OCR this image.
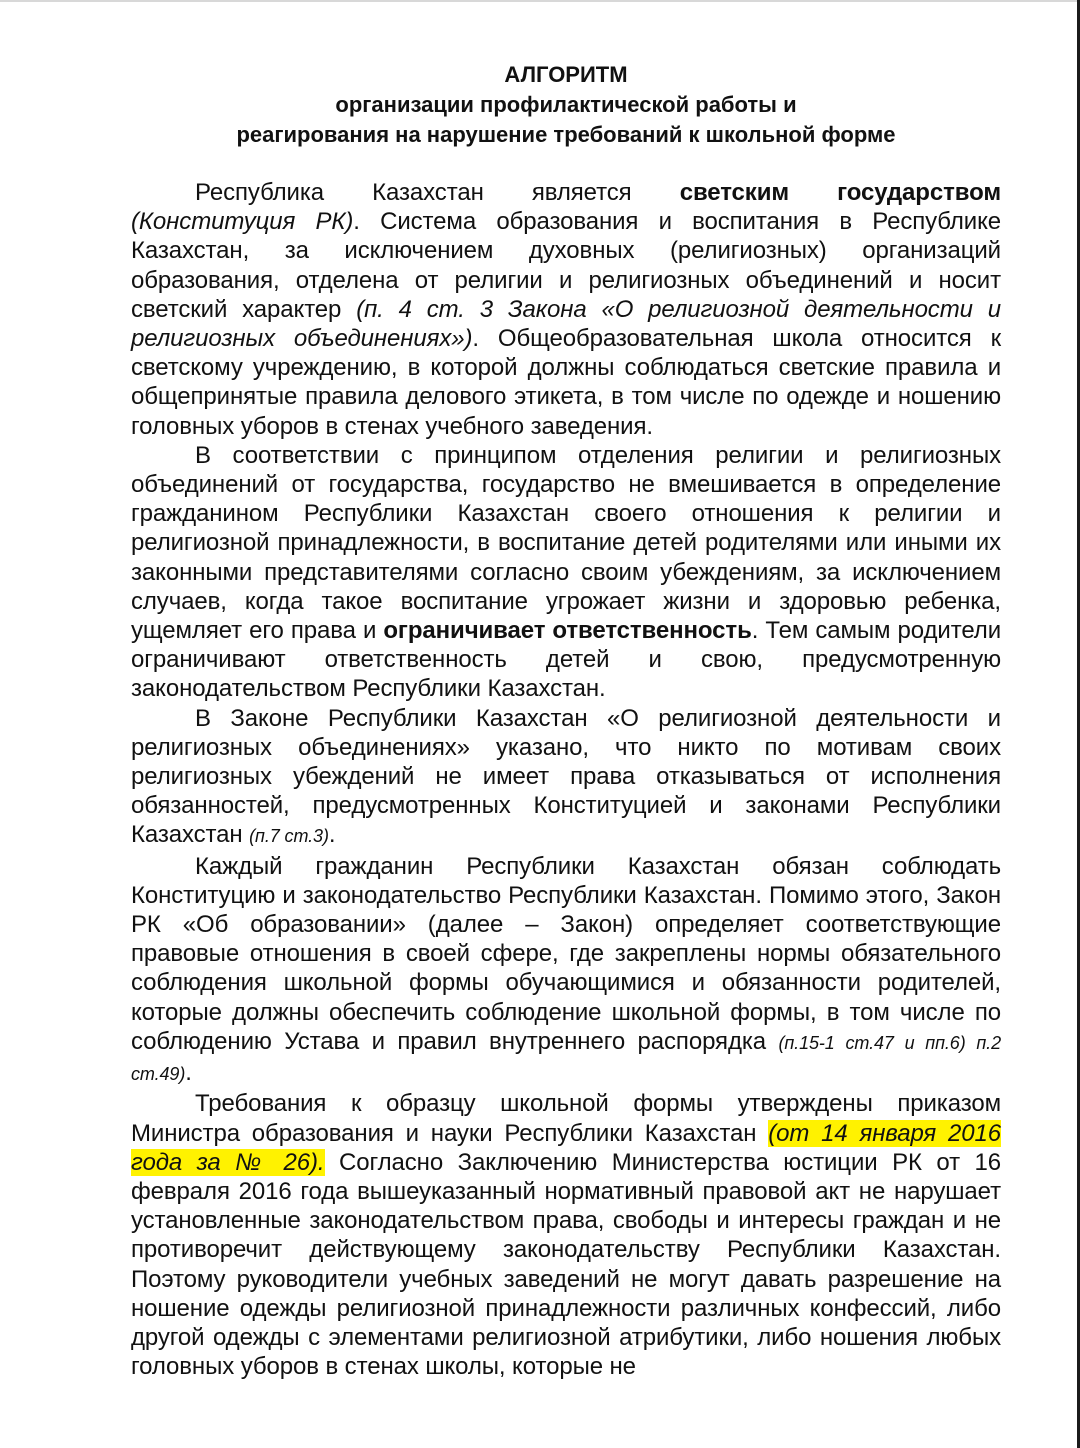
АЛГОРИТМ
организации профилактической работы и
реагирования на нарушение требований к школьной форме

Республика Казахстан является светским государством (Конституция РК). Система образования и воспитания в Республике Казахстан, за исключением духовных (религиозных) организаций образования, отделена от религии и религиозных объединений и носит светский характер (п. 4 ст. 3 Закона «О религиозной деятельности и религиозных объединениях»). Общеобразовательная школа относится к светскому учреждению, в которой должны соблюдаться светские правила и общепринятые правила делового этикета, в том числе по одежде и ношению головных уборов в стенах учебного заведения.

В соответствии с принципом отделения религии и религиозных объединений от государства, государство не вмешивается в определение гражданином Республики Казахстан своего отношения к религии и религиозной принадлежности, в воспитание детей родителями или иными их законными представителями согласно своим убеждениям, за исключением случаев, когда такое воспитание угрожает жизни и здоровью ребенка, ущемляет его права и ограничивает ответственность. Тем самым родители ограничивают ответственность детей и свою, предусмотренную законодательством Республики Казахстан.

В Законе Республики Казахстан «О религиозной деятельности и религиозных объединениях» указано, что никто по мотивам своих религиозных убеждений не имеет права отказываться от исполнения обязанностей, предусмотренных Конституцией и законами Республики Казахстан (п.7 ст.3).

Каждый гражданин Республики Казахстан обязан соблюдать Конституцию и законодательство Республики Казахстан. Помимо этого, Закон РК «Об образовании» (далее – Закон) определяет соответствующие правовые отношения в своей сфере, где закреплены нормы обязательного соблюдения школьной формы обучающимися и обязанности родителей, которые должны обеспечить соблюдение школьной формы, в том числе по соблюдению Устава и правил внутреннего распорядка (п.15-1 ст.47 и пп.6) п.2 ст.49).

Требования к образцу школьной формы утверждены приказом Министра образования и науки Республики Казахстан (от 14 января 2016 года за № 26). Согласно Заключению Министерства юстиции РК от 16 февраля 2016 года вышеуказанный нормативный правовой акт не нарушает установленные законодательством права, свободы и интересы граждан и не противоречит действующему законодательству Республики Казахстан. Поэтому руководители учебных заведений не могут давать разрешение на ношение одежды религиозной принадлежности различных конфессий, либо другой одежды с элементами религиозной атрибутики, либо ношения любых головных уборов в стенах школы, которые не
